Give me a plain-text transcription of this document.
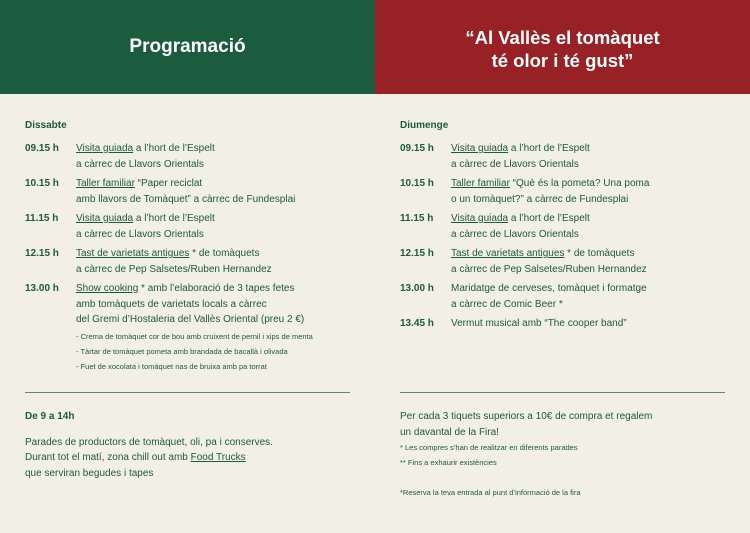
Programació	“Al Vallès el tomàquet
té olor i té gust”
Dissabte
09.15 h	Visita guiada a l’hort de l’Espelt
a càrrec de Llavors Orientals
10.15 h	Taller familiar “Paper reciclat
amb llavors de Tomàquet” a càrrec de Fundesplai
11.15 h	Visita guiada a l’hort de l’Espelt
a càrrec de Llavors Orientals
12.15 h	Tast de varietats antigues * de tomàquets
a càrrec de Pep Salsetes/Ruben Hernandez
13.00 h	Show cooking * amb l’elaboració de 3 tapes fetes
amb tomàquets de varietats locals a càrrec
del Gremi d’Hostaleria del Vallès Oriental (preu 2 €)
- Crema de tomàquet cor de bou amb cruixent de pernil i xips de menta
- Tàrtar de tomàquet pometa amb brandada de bacallà i olivada
- Fuet de xocolata i tomàquet nas de bruixa amb pa torrat
Diumenge
09.15 h	Visita guiada a l’hort de l’Espelt
a càrrec de Llavors Orientals
10.15 h	Taller familiar “Què és la pometa? Una poma
o un tomàquet?” a càrrec de Fundesplai
11.15 h	Visita guiada a l’hort de l’Espelt
a càrrec de Llavors Orientals
12.15 h	Tast de varietats antigues * de tomàquets
a càrrec de Pep Salsetes/Ruben Hernandez
13.00 h	Maridatge de cerveses, tomàquet i formatge
a càrrec de Comic Beer *
13.45 h	Vermut musical amb “The cooper band”
De 9 a 14h
Parades de productors de tomàquet, oli, pa i conserves.
Durant tot el matí, zona chill out amb Food Trucks
que serviran begudes i tapes
Per cada 3 tiquets superiors a 10€ de compra et regalem
un davantal de la Fira!
* Les compres s’han de realitzar en diferents parades
** Fins a exhaurir existències
*Reserva la teva entrada al punt d’informació de la fira
